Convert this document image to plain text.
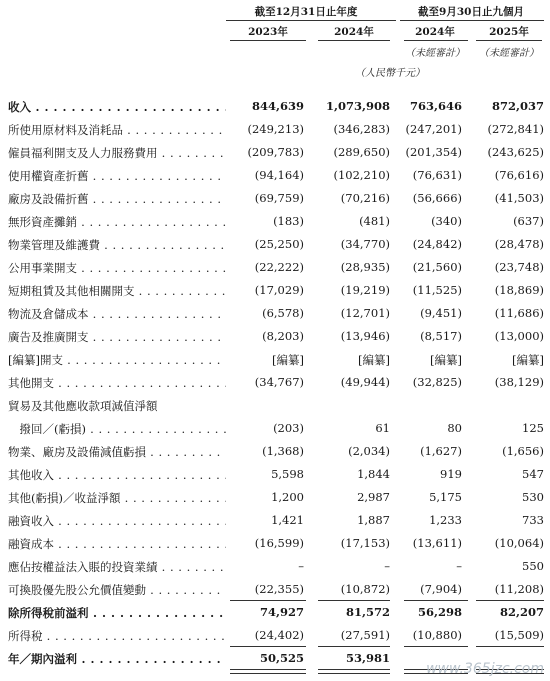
截至12月31日止年度	截至9月30日止九個月
2023年	2024年	2024年	2025年
（未經審計）	（未經審計）
（人民幣千元）
收入 . . .	844,639	1,073,908	763,646	872,037
所使用原材料及消耗品 . . .	(249,213)	(346,283)	(247,201)	(272,841)
僱員福利開支及人力服務費用 . . .	(209,783)	(289,650)	(201,354)	(243,625)
使用權資產折舊 . . .	(94,164)	(102,210)	(76,631)	(76,616)
廠房及設備折舊 . . .	(69,759)	(70,216)	(56,666)	(41,503)
無形資產攤銷 . . .	(183)	(481)	(340)	(637)
物業管理及維護費 . . .	(25,250)	(34,770)	(24,842)	(28,478)
公用事業開支 . . .	(22,222)	(28,935)	(21,560)	(23,748)
短期租賃及其他相關開支 . . .	(17,029)	(19,219)	(11,525)	(18,869)
物流及倉儲成本 . . .	(6,578)	(12,701)	(9,451)	(11,686)
廣告及推廣開支 . . .	(8,203)	(13,946)	(8,517)	(13,000)
[編纂]開支 . . .	[編纂]	[編纂]	[編纂]	[編纂]
其他開支 . . .	(34,767)	(49,944)	(32,825)	(38,129)
貿易及其他應收款項減值淨額
　撥回／(虧損) . . .	(203)	61	80	125
物業、廠房及設備減值虧損 . . .	(1,368)	(2,034)	(1,627)	(1,656)
其他收入 . . .	5,598	1,844	919	547
其他(虧損)／收益淨額 . . .	1,200	2,987	5,175	530
融資收入 . . .	1,421	1,887	1,233	733
融資成本 . . .	(16,599)	(17,153)	(13,611)	(10,064)
應佔按權益法入賬的投資業績 . . .	–	–	–	550
可換股優先股公允價值變動 . . .	(22,355)	(10,872)	(7,904)	(11,208)
除所得稅前溢利 . . .	74,927	81,572	56,298	82,207
所得稅 . . .	(24,402)	(27,591)	(10,880)	(15,509)
年／期內溢利 . . .	50,525	53,981
www.365jzc.com
